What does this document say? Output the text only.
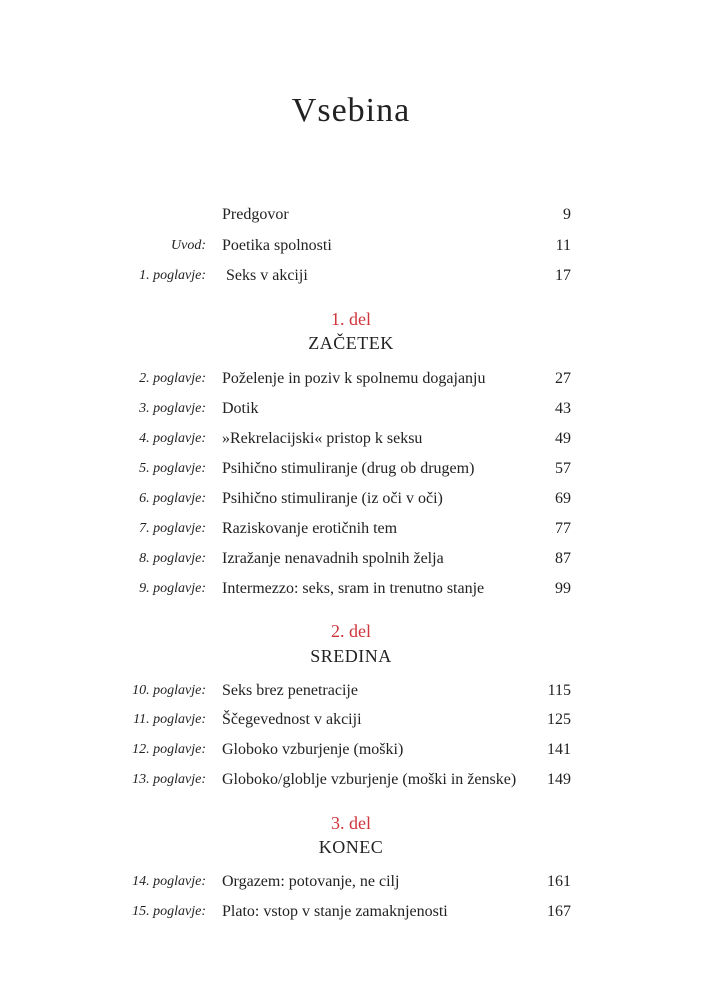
Vsebina
Predgovor	9
Uvod: Poetika spolnosti	11
1. poglavje: Seks v akciji	17
1. del
ZAČETEK
2. poglavje: Poželenje in poziv k spolnemu dogajanju	27
3. poglavje: Dotik	43
4. poglavje: »Rekrelacijski« pristop k seksu	49
5. poglavje: Psihično stimuliranje (drug ob drugem)	57
6. poglavje: Psihično stimuliranje (iz oči v oči)	69
7. poglavje: Raziskovanje erotičnih tem	77
8. poglavje: Izražanje nenavadnih spolnih želja	87
9. poglavje: Intermezzo: seks, sram in trenutno stanje	99
2. del
SREDINA
10. poglavje: Seks brez penetracije	115
11. poglavje: Ščegevednost v akciji	125
12. poglavje: Globoko vzburjenje (moški)	141
13. poglavje: Globoko/globlje vzburjenje (moški in ženske) 149
3. del
KONEC
14. poglavje: Orgazem: potovanje, ne cilj	161
15. poglavje: Plato: vstop v stanje zamaknjenosti	167
